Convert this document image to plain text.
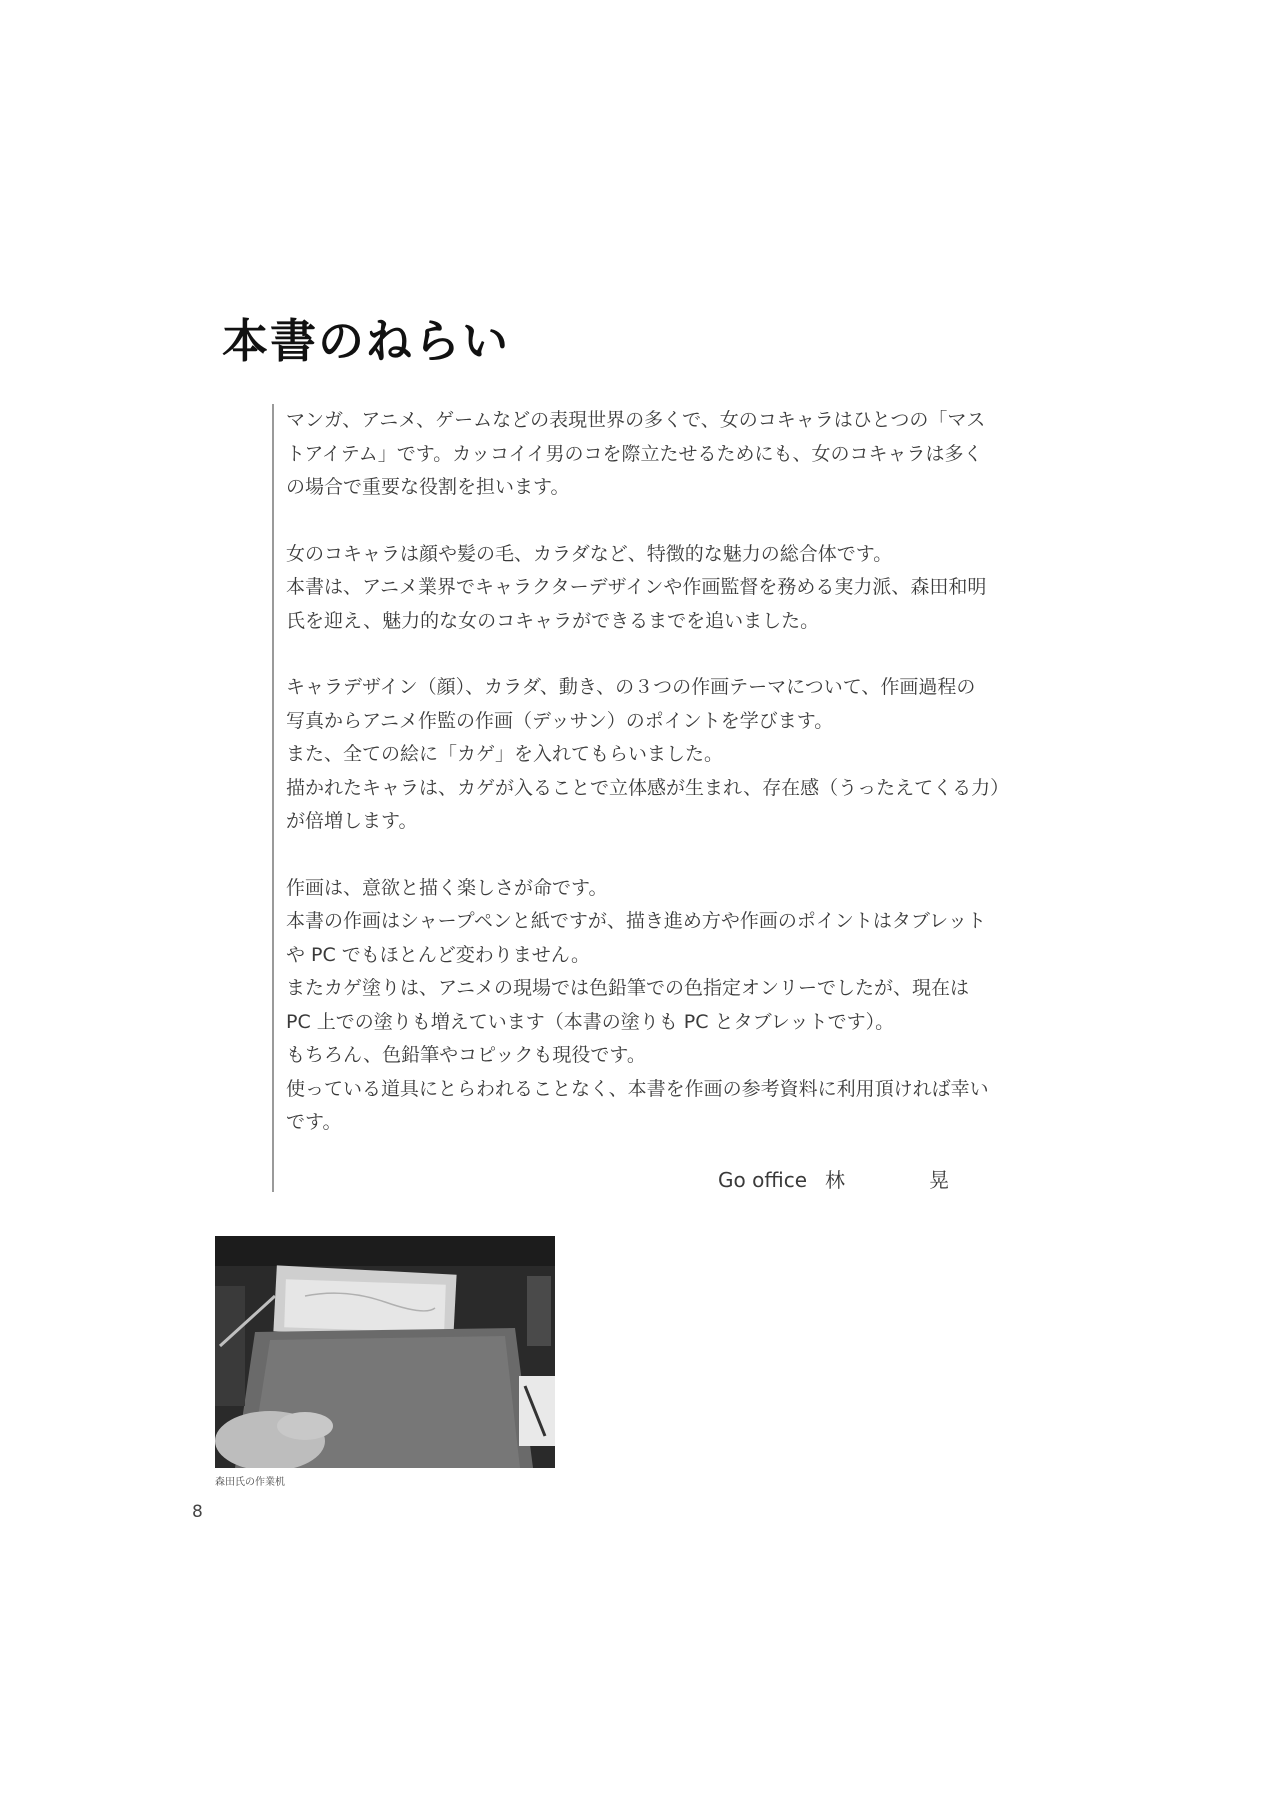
本書のねらい

マンガ、アニメ、ゲームなどの表現世界の多くで、女のコキャラはひとつの「マス
トアイテム」です。カッコイイ男のコを際立たせるためにも、女のコキャラは多く
の場合で重要な役割を担います。

女のコキャラは顔や髪の毛、カラダなど、特徴的な魅力の総合体です。
本書は、アニメ業界でキャラクターデザインや作画監督を務める実力派、森田和明
氏を迎え、魅力的な女のコキャラができるまでを追いました。

キャラデザイン（顔）、カラダ、動き、の３つの作画テーマについて、作画過程の
写真からアニメ作監の作画（デッサン）のポイントを学びます。
また、全ての絵に「カゲ」を入れてもらいました。
描かれたキャラは、カゲが入ることで立体感が生まれ、存在感（うったえてくる力）
が倍増します。

作画は、意欲と描く楽しさが命です。
本書の作画はシャープペンと紙ですが、描き進め方や作画のポイントはタブレット
や PC でもほとんど変わりません。
またカゲ塗りは、アニメの現場では色鉛筆での色指定オンリーでしたが、現在は
PC 上での塗りも増えています（本書の塗りも PC とタブレットです）。
もちろん、色鉛筆やコピックも現役です。
使っている道具にとらわれることなく、本書を作画の参考資料に利用頂ければ幸い
です。

Go office 林　晃
森田氏の作業机
8
